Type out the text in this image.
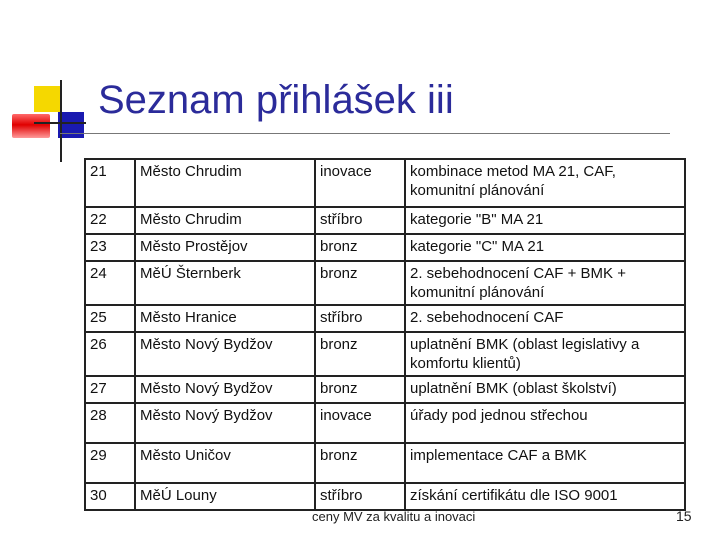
Seznam přihlášek iii
21	Město Chrudim	inovace	kombinace metod MA 21, CAF, komunitní plánování
22	Město Chrudim	stříbro	kategorie "B" MA 21
23	Město Prostějov	bronz	kategorie "C" MA 21
24	MěÚ Šternberk	bronz	2. sebehodnocení CAF + BMK + komunitní plánování
25	Město Hranice	stříbro	2. sebehodnocení CAF
26	Město Nový Bydžov	bronz	uplatnění BMK (oblast legislativy a komfortu klientů)
27	Město Nový Bydžov	bronz	uplatnění BMK (oblast školství)
28	Město Nový Bydžov	inovace	úřady pod jednou střechou
29	Město Uničov	bronz	implementace CAF a BMK
30	MěÚ Louny	stříbro	získání certifikátu dle ISO 9001
ceny MV za kvalitu a inovaci	15
